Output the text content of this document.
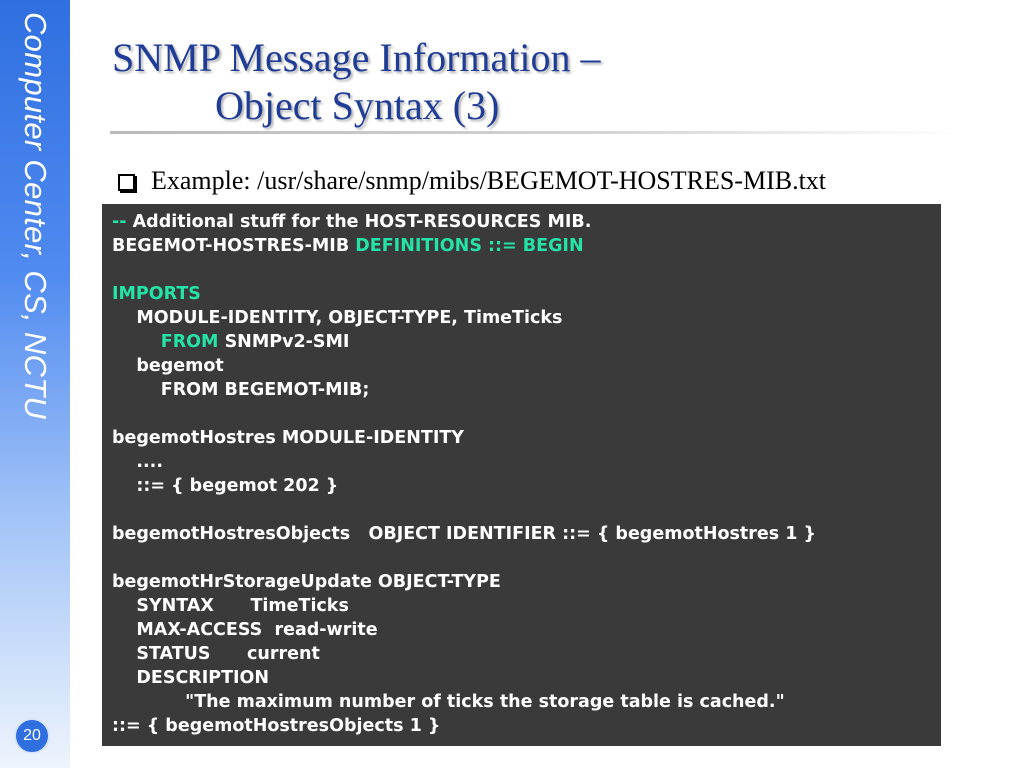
Computer Center, CS, NCTU
20
SNMP Message Information –
Object Syntax (3)
Example: /usr/share/snmp/mibs/BEGEMOT-HOSTRES-MIB.txt
-- Additional stuff for the HOST-RESOURCES MIB.
BEGEMOT-HOSTRES-MIB DEFINITIONS ::= BEGIN
IMPORTS
MODULE-IDENTITY, OBJECT-TYPE, TimeTicks
FROM SNMPv2-SMI
begemot
FROM BEGEMOT-MIB;
begemotHostres MODULE-IDENTITY
....
::= { begemot 202 }
begemotHostresObjects   OBJECT IDENTIFIER ::= { begemotHostres 1 }
begemotHrStorageUpdate OBJECT-TYPE
SYNTAX      TimeTicks
MAX-ACCESS  read-write
STATUS      current
DESCRIPTION
"The maximum number of ticks the storage table is cached."
::= { begemotHostresObjects 1 }
